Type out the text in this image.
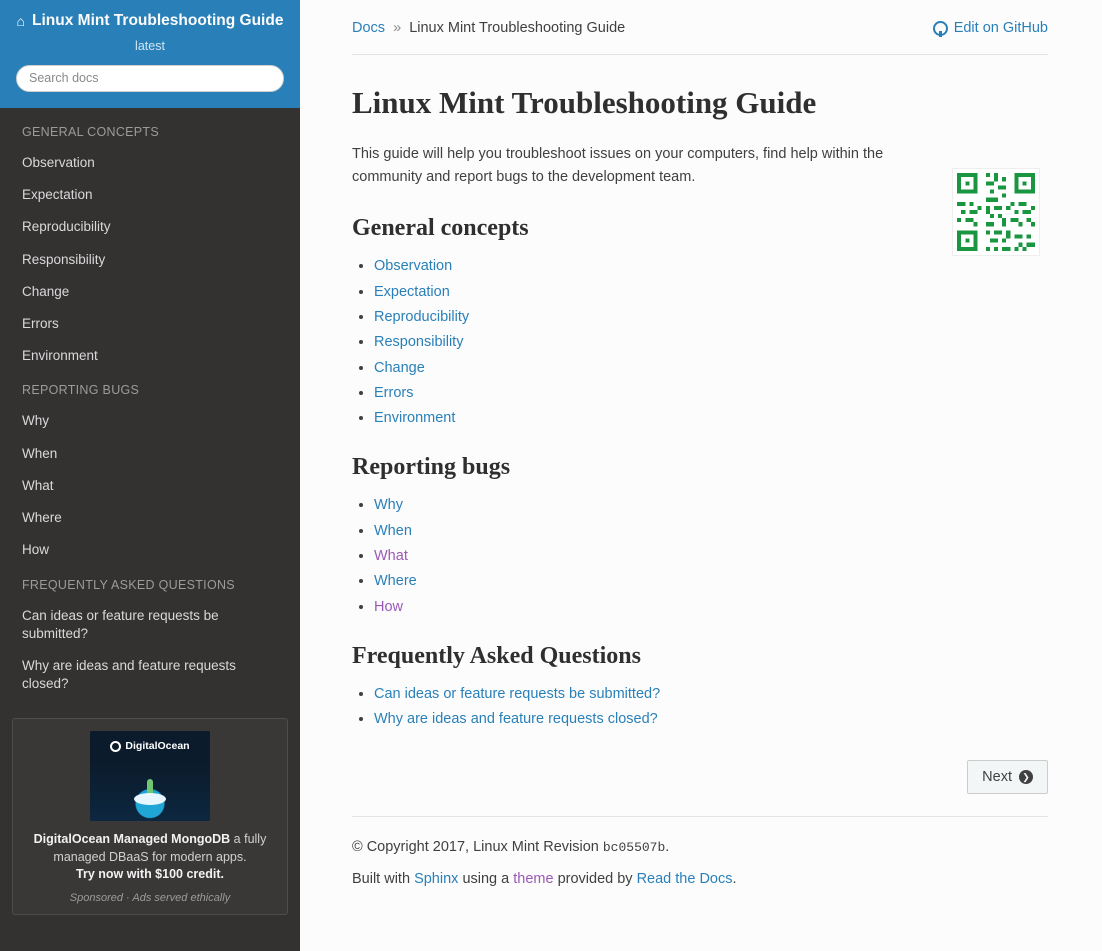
⌂ Linux Mint Troubleshooting Guide
latest
Search docs
GENERAL CONCEPTS
Observation
Expectation
Reproducibility
Responsibility
Change
Errors
Environment
REPORTING BUGS
Why
When
What
Where
How
FREQUENTLY ASKED QUESTIONS
Can ideas or feature requests be submitted?
Why are ideas and feature requests closed?
DigitalOcean
DigitalOcean Managed MongoDB a fully managed DBaaS for modern apps.
Try now with $100 credit.
Sponsored · Ads served ethically
Docs » Linux Mint Troubleshooting Guide	Edit on GitHub
Linux Mint Troubleshooting Guide

This guide will help you troubleshoot issues on your computers, find help within the community and report bugs to the development team.

General concepts
• Observation
• Expectation
• Reproducibility
• Responsibility
• Change
• Errors
• Environment
Reporting bugs
• Why
• When
• What
• Where
• How
Frequently Asked Questions
• Can ideas or feature requests be submitted?
• Why are ideas and feature requests closed?
Next	❯

© Copyright 2017, Linux Mint Revision bc05507b.

Built with Sphinx using a theme provided by Read the Docs.
